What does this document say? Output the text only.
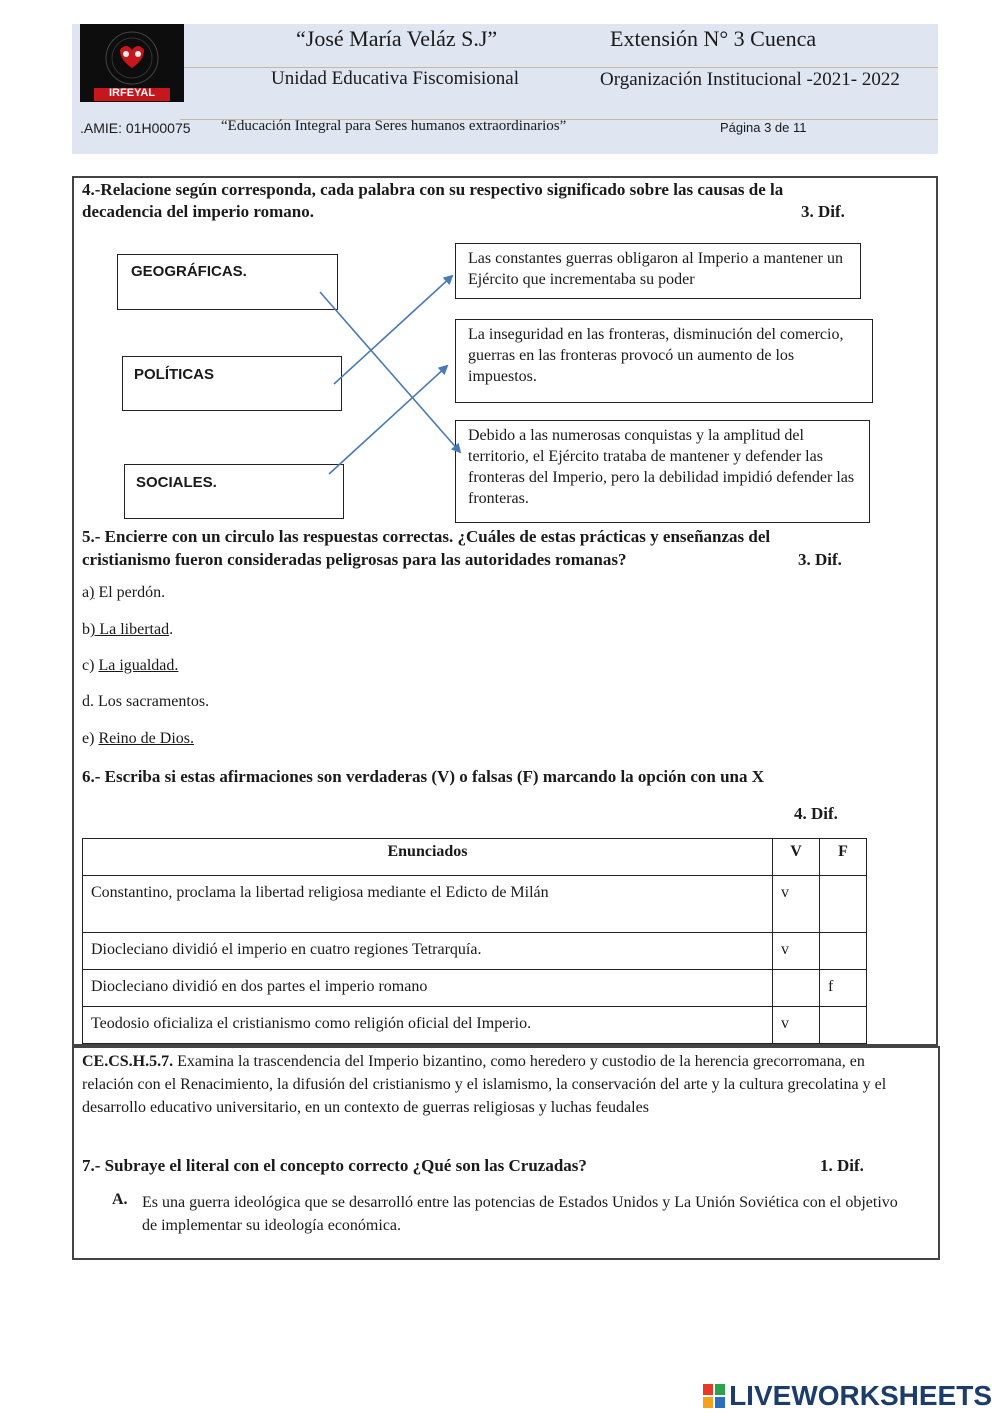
IRFEYAL
“José María Veláz S.J”	Extensión N° 3 Cuenca
Unidad Educativa Fiscomisional	Organización Institucional -2021- 2022
.AMIE: 01H00075 “Educación Integral para Seres humanos extraordinarios”	Página 3 de 11
4.-Relacione según corresponda, cada palabra con su respectivo significado sobre las causas de la
decadencia del imperio romano.	3. Dif.
GEOGRÁFICAS.
POLÍTICAS
SOCIALES.
Las constantes guerras obligaron al Imperio a mantener un Ejército que incrementaba su poder
La inseguridad en las fronteras, disminución del comercio, guerras en las fronteras provocó un aumento de los impuestos.
Debido a las numerosas conquistas y la amplitud del territorio, el Ejército trataba de mantener y defender las fronteras del Imperio, pero la debilidad impidió defender las fronteras.
5.- Encierre con un circulo las respuestas correctas. ¿Cuáles de estas prácticas y enseñanzas del
cristianismo fueron consideradas peligrosas para las autoridades romanas?	3. Dif.
a) El perdón.
b) La libertad.
c) La igualdad.
d. Los sacramentos.
e) Reino de Dios.
6.- Escriba si estas afirmaciones son verdaderas (V) o falsas (F) marcando la opción con una X
4. Dif.
Enunciados	V	F
Constantino, proclama la libertad religiosa mediante el Edicto de Milán	v	
Diocleciano dividió el imperio en cuatro regiones Tetrarquía.	v	
Diocleciano dividió en dos partes el imperio romano		f
Teodosio oficializa el cristianismo como religión oficial del Imperio.	v	
CE.CS.H.5.7. Examina la trascendencia del Imperio bizantino, como heredero y custodio de la herencia grecorromana, en relación con el Renacimiento, la difusión del cristianismo y el islamismo, la conservación del arte y la cultura grecolatina y el desarrollo educativo universitario, en un contexto de guerras religiosas y luchas feudales
7.- Subraye el literal con el concepto correcto ¿Qué son las Cruzadas?	1. Dif.
A. Es una guerra ideológica que se desarrolló entre las potencias de Estados Unidos y La Unión Soviética con el objetivo de implementar su ideología económica.
LIVEWORKSHEETS
